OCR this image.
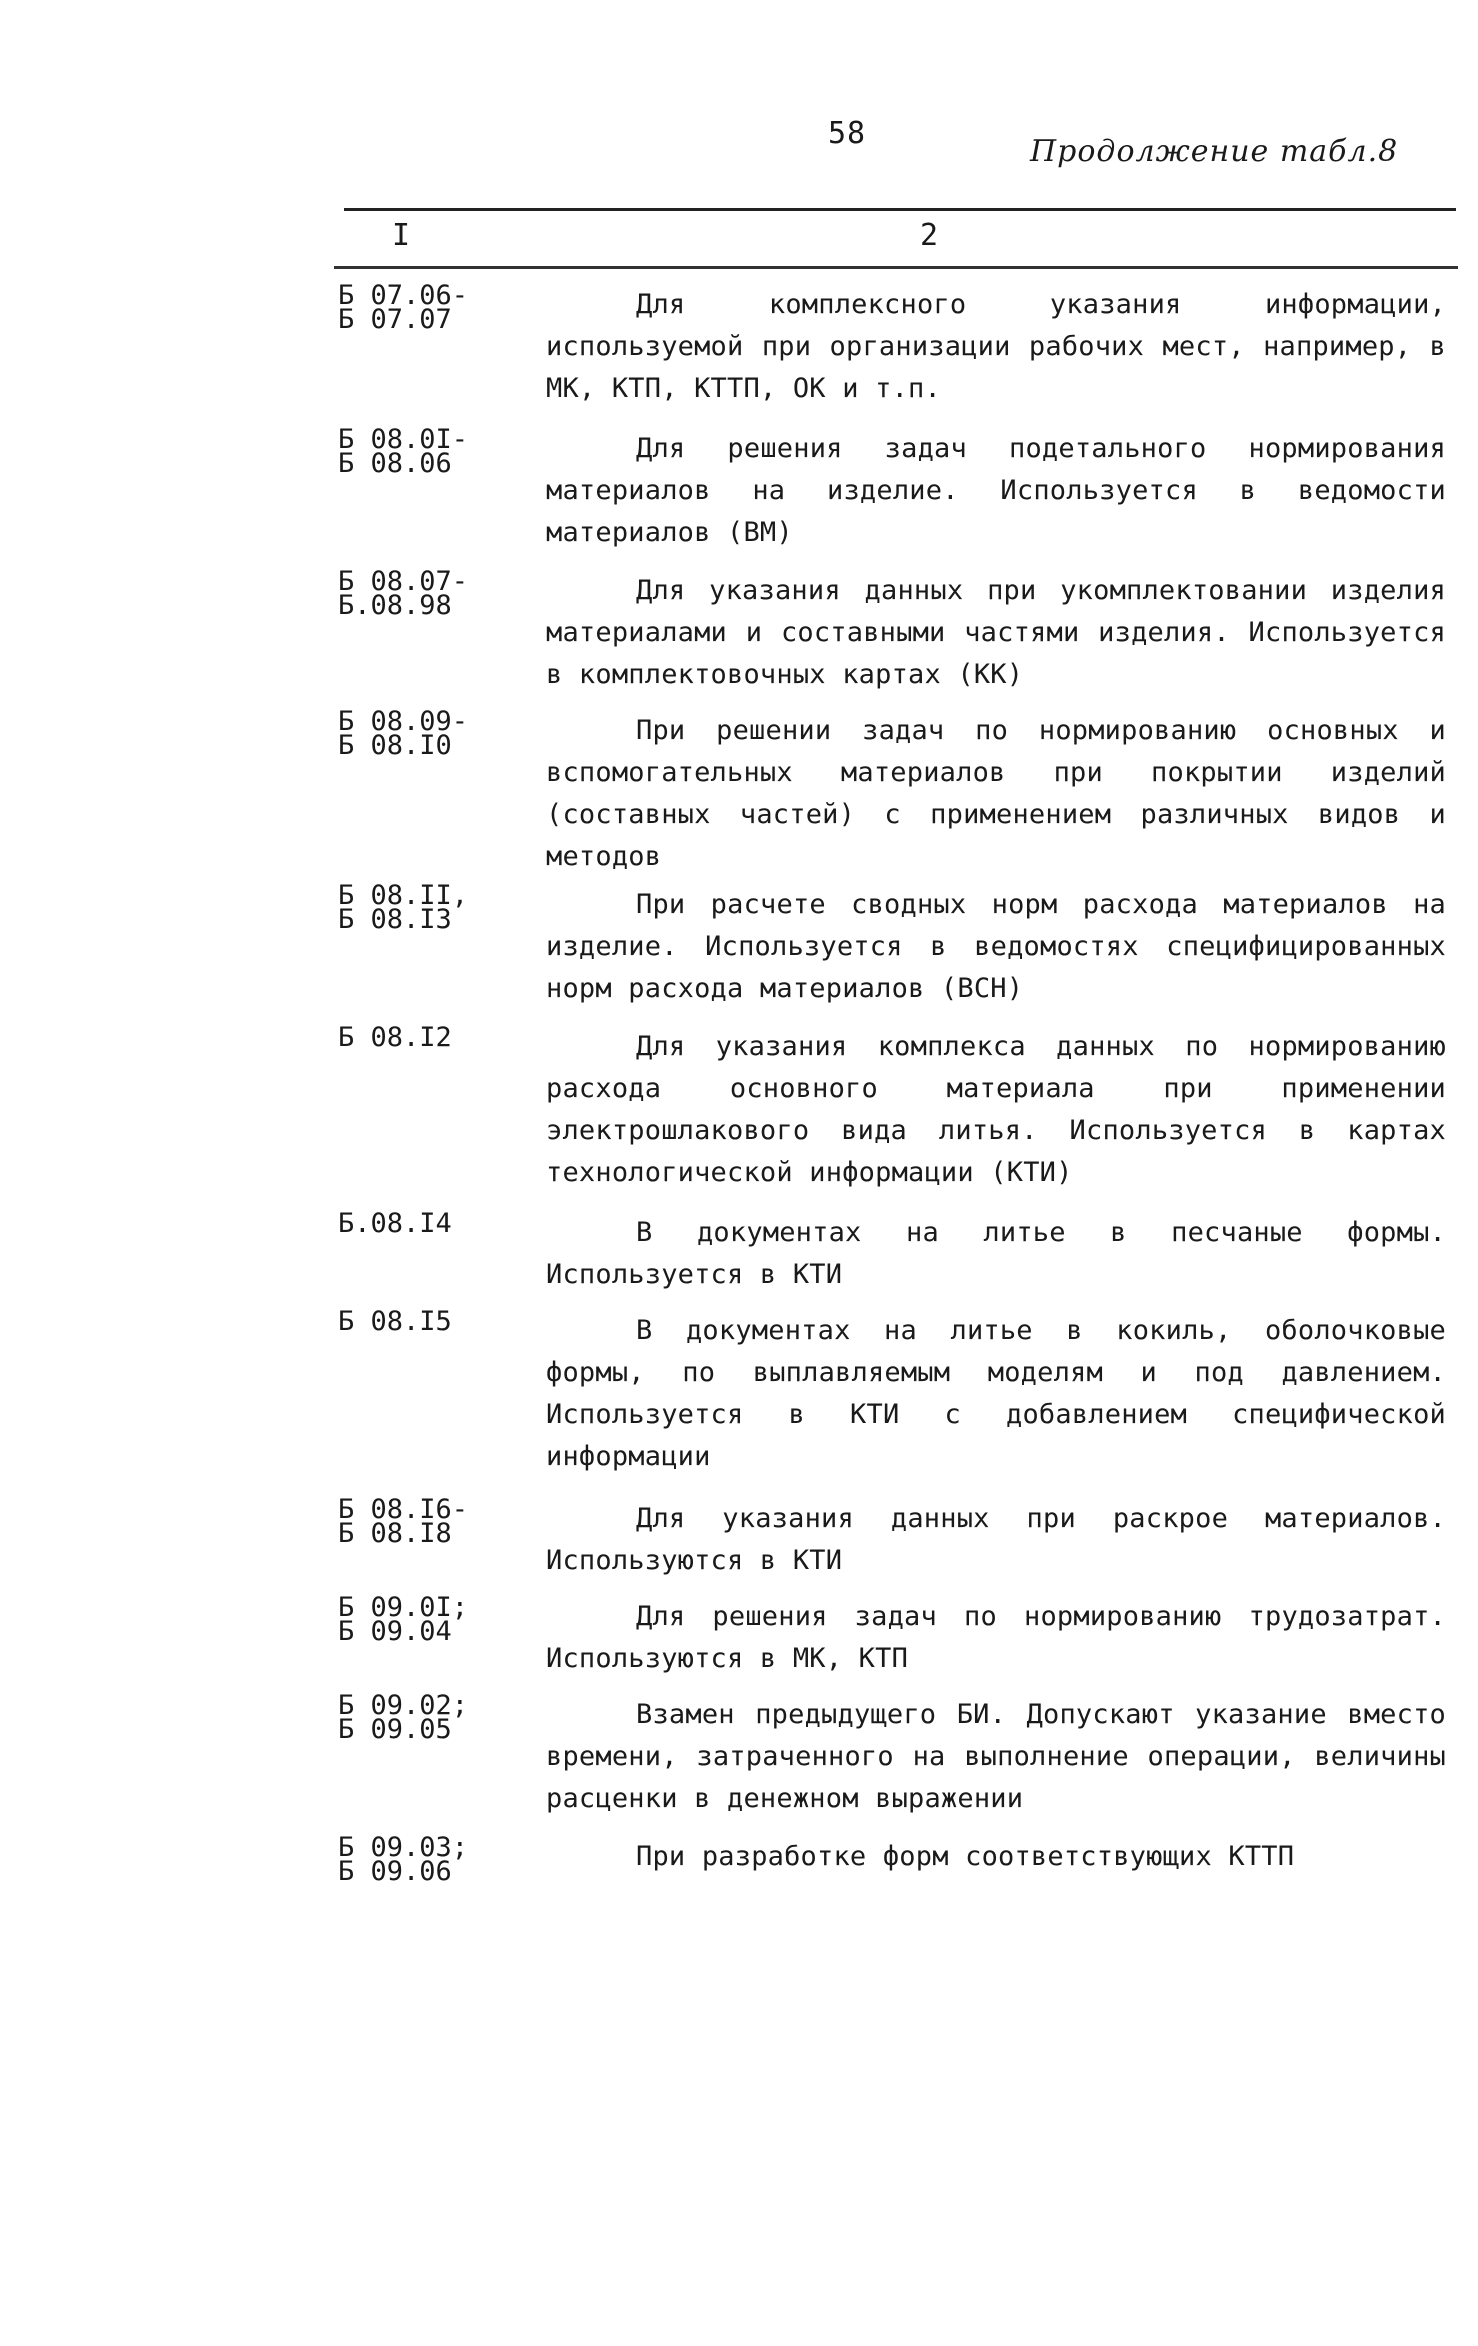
58
Продолжение табл.8
I	2
Б 07.06-
Б 07.07	Для комплексного указания информации, используемой при организации рабочих мест, например, в МК, КТП, КТТП, ОК и т.п.
Б 08.0I-
Б 08.06	Для решения задач подетального нормирования материалов на изделие. Используется в ведомости материалов (ВМ)
Б 08.07-
Б.08.98	Для указания данных при укомплектовании изделия материалами и составными частями изделия. Используется в комплектовочных картах (КК)
Б 08.09-
Б 08.I0	При решении задач по нормированию основных и вспомогательных материалов при покрытии изделий (составных частей) с применением различных видов и методов
Б 08.II,
Б 08.I3	При расчете сводных норм расхода материалов на изделие. Используется в ведомостях специфицированных норм расхода материалов (ВСН)
Б 08.I2	Для указания комплекса данных по нормированию расхода основного материала при применении электрошлакового вида литья. Используется в картах технологической информации (КТИ)
Б.08.I4	В документах на литье в песчаные формы. Используется в КТИ
Б 08.I5	В документах на литье в кокиль, оболочковые формы, по выплавляемым моделям и под давлением. Используется в КТИ с добавлением специфической информации
Б 08.I6-
Б 08.I8	Для указания данных при раскрое материалов. Используются в КТИ
Б 09.0I;
Б 09.04	Для решения задач по нормированию трудозатрат. Используются в МК, КТП
Б 09.02;
Б 09.05	Взамен предыдущего БИ. Допускают указание вместо времени, затраченного на выполнение операции, величины расценки в денежном выражении
Б 09.03;
Б 09.06	При разработке форм соответствующих КТТП
